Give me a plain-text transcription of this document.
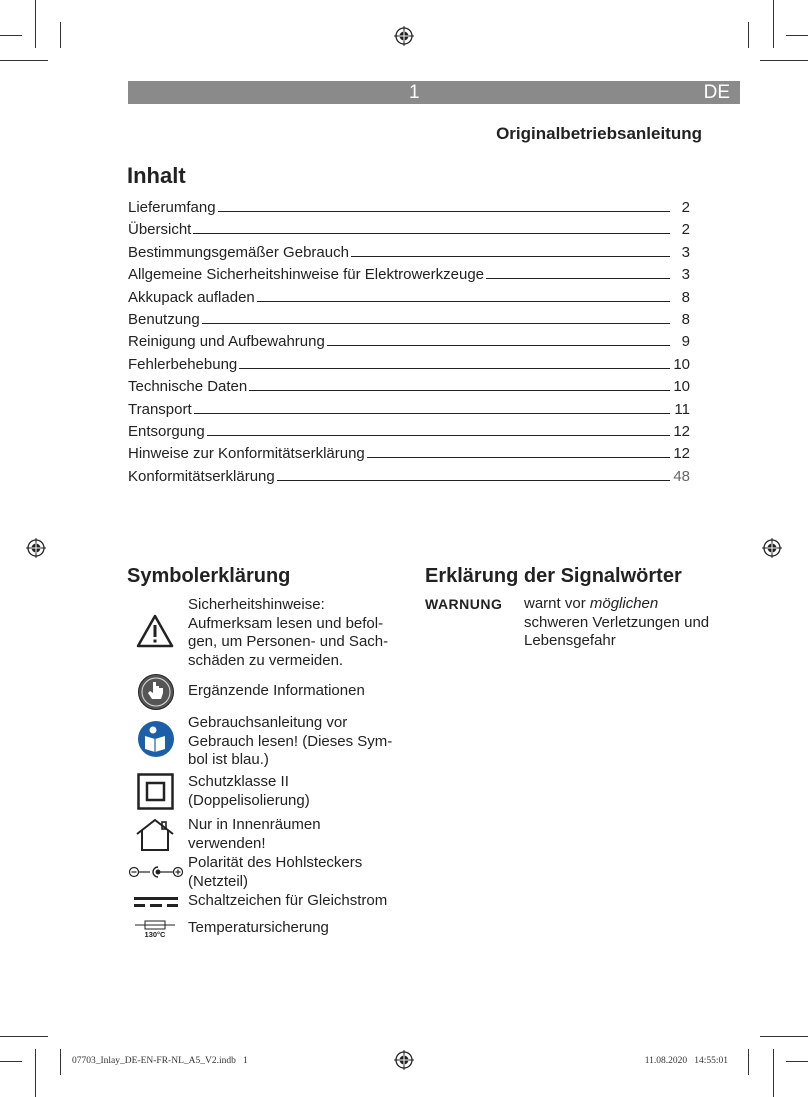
1	DE
Originalbetriebsanleitung
Inhalt
Lieferumfang	2
Übersicht	2
Bestimmungsgemäßer Gebrauch	3
Allgemeine Sicherheitshinweise für Elektrowerkzeuge	3
Akkupack aufladen	8
Benutzung	8
Reinigung und Aufbewahrung	9
Fehlerbehebung	10
Technische Daten	10
Transport	11
Entsorgung	12
Hinweise zur Konformitätserklärung	12
Konformitätserklärung	48
Symbolerklärung
Sicherheitshinweise: Aufmerksam lesen und befol-gen, um Personen- und Sach-schäden zu vermeiden.
Ergänzende Informationen
Gebrauchsanleitung vor Gebrauch lesen! (Dieses Sym-bol ist blau.)
Schutzklasse II (Doppelisolierung)
Nur in Innenräumen verwenden!
Polarität des Hohlsteckers (Netzteil)
Schaltzeichen für Gleichstrom
130°C	Temperatursicherung
Erklärung der Signalwörter
WARNUNG warnt vor möglichen schweren Verletzungen und Lebensgefahr
07703_Inlay_DE-EN-FR-NL_A5_V2.indb   1	11.08.2020   14:55:01
